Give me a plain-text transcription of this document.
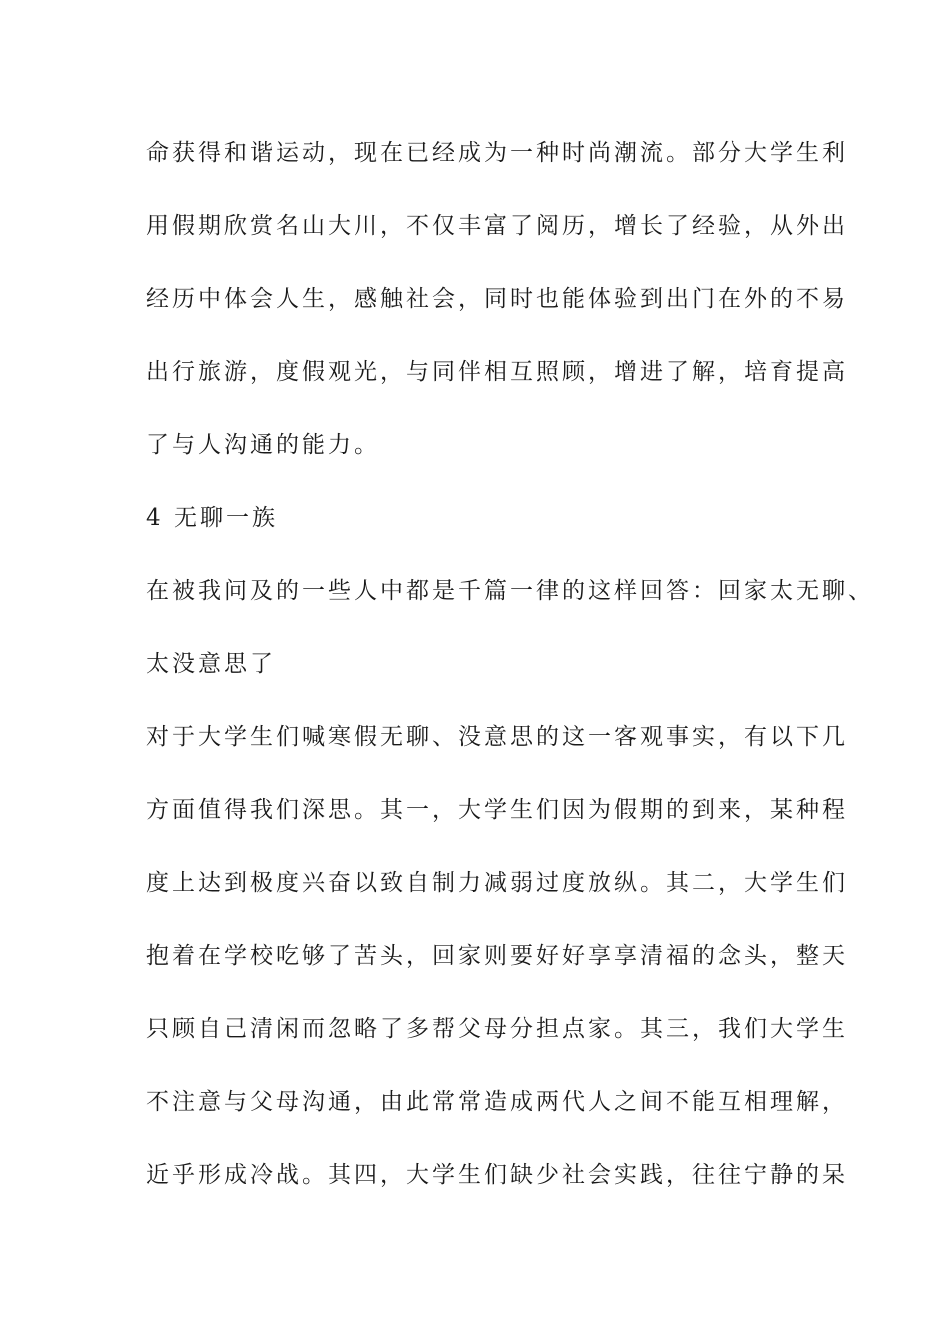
命获得和谐运动，现在已经成为一种时尚潮流。部分大学生利
用假期欣赏名山大川，不仅丰富了阅历，增长了经验，从外出
经历中体会人生，感触社会，同时也能体验到出门在外的不易
出行旅游，度假观光，与同伴相互照顾，增进了解，培育提高
了与人沟通的能力。
4 无聊一族
在被我问及的一些人中都是千篇一律的这样回答：回家太无聊、
太没意思了
对于大学生们喊寒假无聊、没意思的这一客观事实，有以下几
方面值得我们深思。其一，大学生们因为假期的到来，某种程
度上达到极度兴奋以致自制力减弱过度放纵。其二，大学生们
抱着在学校吃够了苦头，回家则要好好享享清福的念头，整天
只顾自己清闲而忽略了多帮父母分担点家。其三，我们大学生
不注意与父母沟通，由此常常造成两代人之间不能互相理解，
近乎形成冷战。其四，大学生们缺少社会实践，往往宁静的呆
